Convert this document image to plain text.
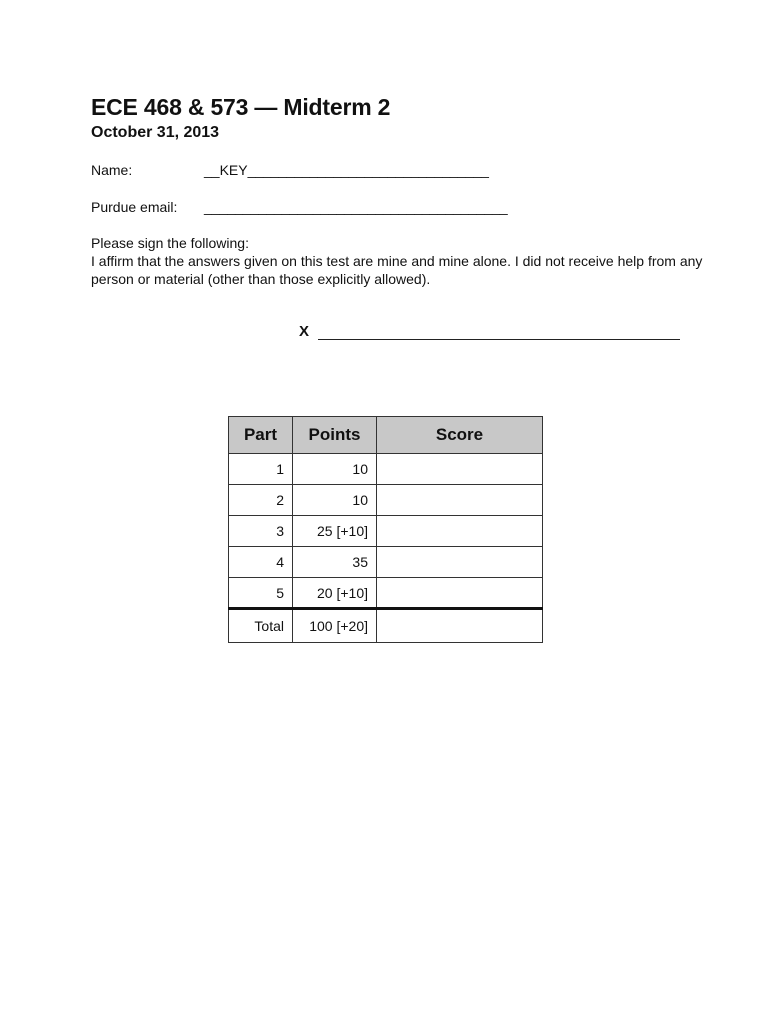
ECE 468 & 573 — Midterm 2
October 31, 2013
Name:	__KEY_______________________________
Purdue email: _______________________________________

Please sign the following:

I affirm that the answers given on this test are mine and mine alone. I did not receive help from any person or material (other than those explicitly allowed).

X
Part	Points	Score
1	10	
2	10	
3	25 [+10]	
4	35	
5	20 [+10]	
Total	100 [+20]	
